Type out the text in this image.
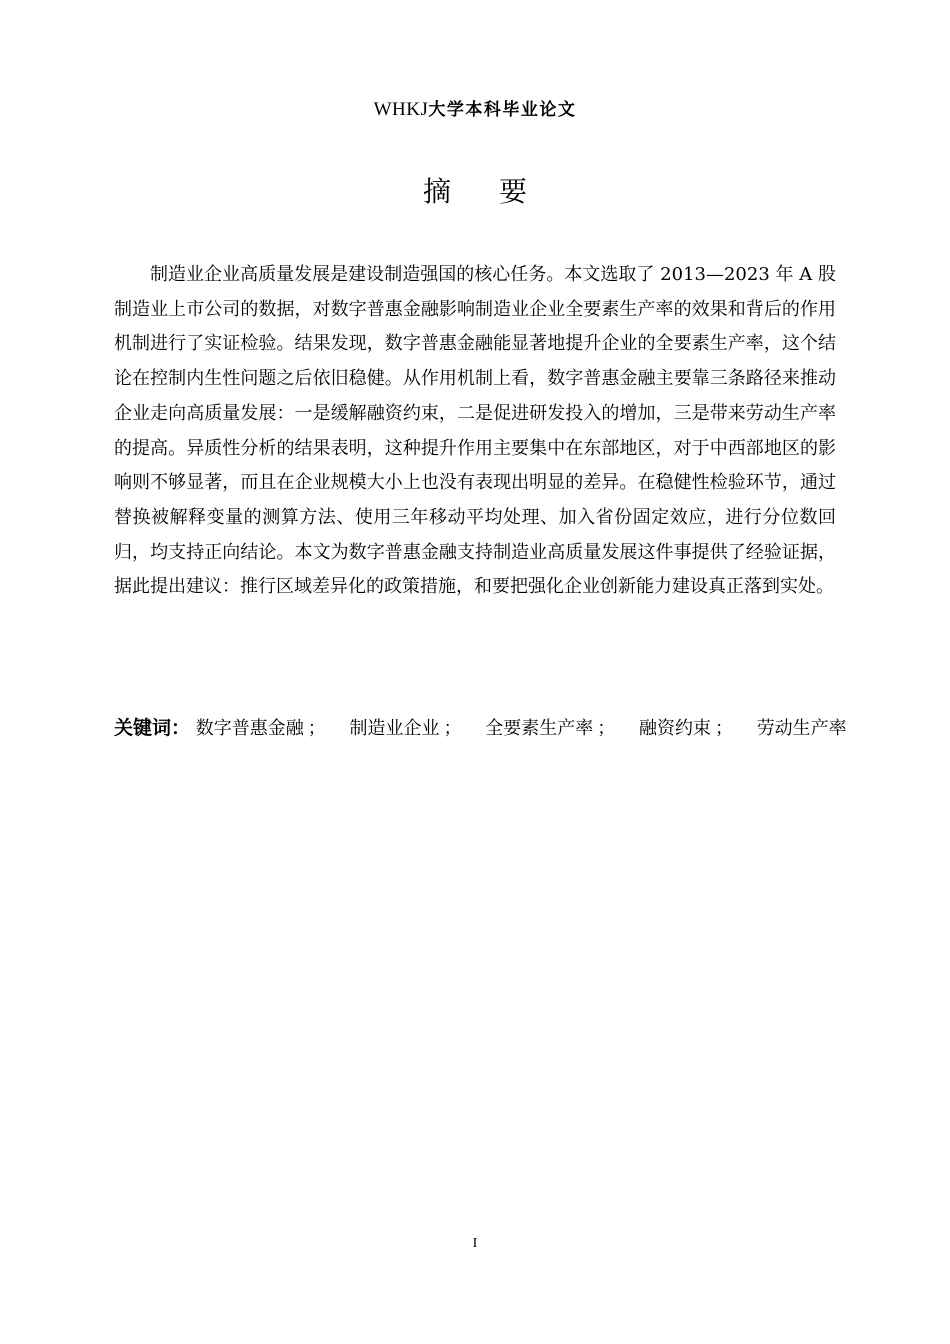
WHKJ大学本科毕业论文
摘 要

制造业企业高质量发展是建设制造强国的核心任务。本文选取了 2013—2023 年 A 股制造业上市公司的数据，对数字普惠金融影响制造业企业全要素生产率的效果和背后的作用机制进行了实证检验。结果发现，数字普惠金融能显著地提升企业的全要素生产率，这个结论在控制内生性问题之后依旧稳健。从作用机制上看，数字普惠金融主要靠三条路径来推动企业走向高质量发展：一是缓解融资约束，二是促进研发投入的增加，三是带来劳动生产率的提高。异质性分析的结果表明，这种提升作用主要集中在东部地区，对于中西部地区的影响则不够显著，而且在企业规模大小上也没有表现出明显的差异。在稳健性检验环节，通过替换被解释变量的测算方法、使用三年移动平均处理、加入省份固定效应，进行分位数回归，均支持正向结论。本文为数字普惠金融支持制造业高质量发展这件事提供了经验证据，据此提出建议：推行区域差异化的政策措施，和要把强化企业创新能力建设真正落到实处。

关键词： 数字普惠金融 ； 制造业企业 ； 全要素生产率 ； 融资约束 ； 劳动生产率
I
